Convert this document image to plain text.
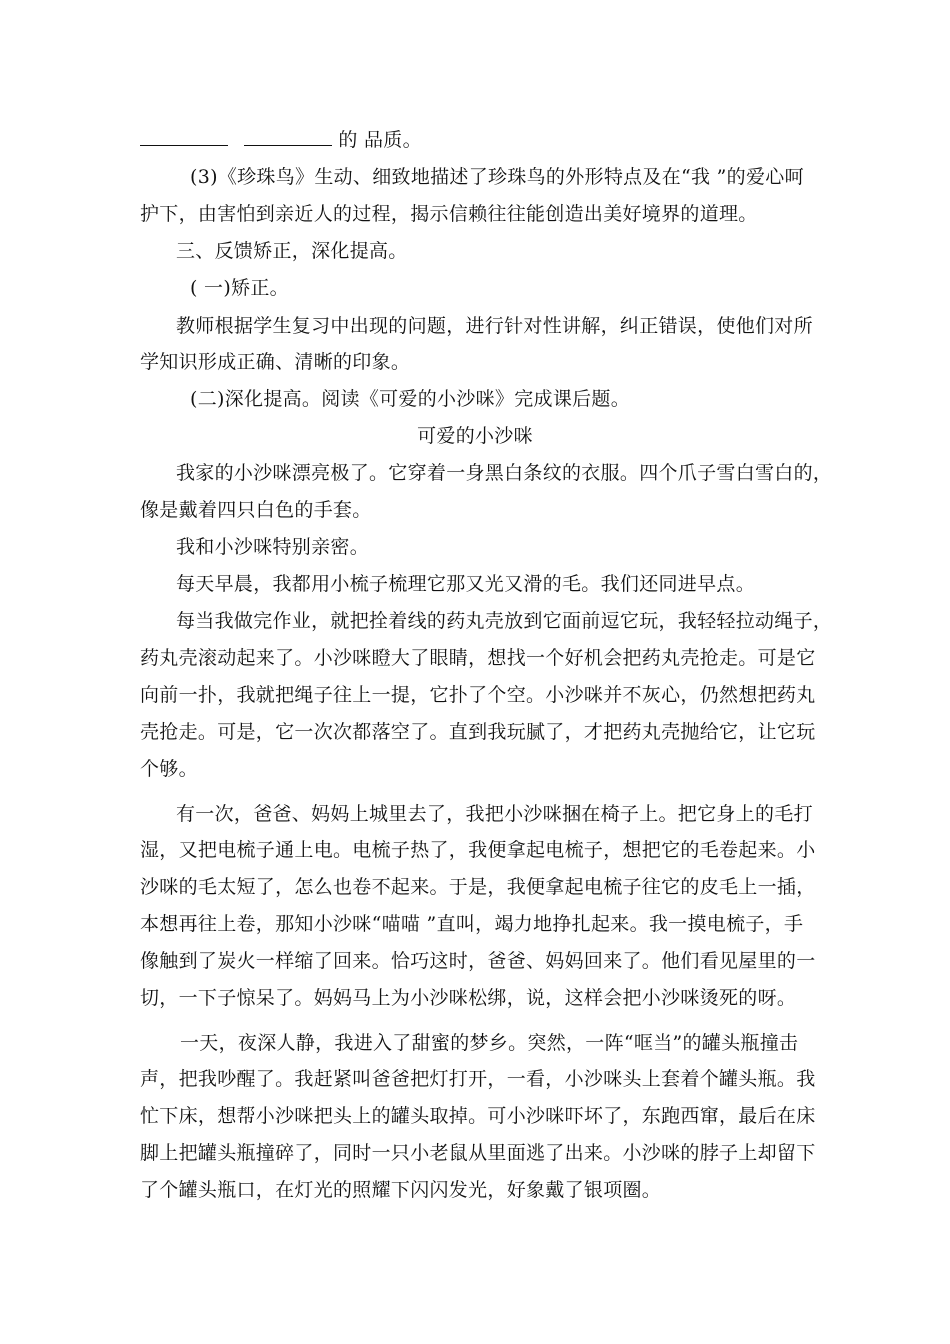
的 品质。
(3)《珍珠鸟》生动、细致地描述了珍珠鸟的外形特点及在“我 ”的爱心呵
护下，由害怕到亲近人的过程，揭示信赖往往能创造出美好境界的道理。
三、反馈矫正，深化提高。
( 一)矫正。
教师根据学生复习中出现的问题，进行针对性讲解，纠正错误，使他们对所
学知识形成正确、清晰的印象。
(二)深化提高。阅读《可爱的小沙咪》完成课后题。
可爱的小沙咪
我家的小沙咪漂亮极了。它穿着一身黑白条纹的衣服。四个爪子雪白雪白的，
像是戴着四只白色的手套。
我和小沙咪特别亲密。
每天早晨，我都用小梳子梳理它那又光又滑的毛。我们还同进早点。
每当我做完作业，就把拴着线的药丸壳放到它面前逗它玩，我轻轻拉动绳子，
药丸壳滚动起来了。小沙咪瞪大了眼睛，想找一个好机会把药丸壳抢走。可是它
向前一扑，我就把绳子往上一提，它扑了个空。小沙咪并不灰心，仍然想把药丸
壳抢走。可是，它一次次都落空了。直到我玩腻了，才把药丸壳抛给它，让它玩
个够。
有一次，爸爸、妈妈上城里去了，我把小沙咪捆在椅子上。把它身上的毛打
湿，又把电梳子通上电。电梳子热了，我便拿起电梳子，想把它的毛卷起来。小
沙咪的毛太短了，怎么也卷不起来。于是，我便拿起电梳子往它的皮毛上一插，
本想再往上卷，那知小沙咪“喵喵 ”直叫，竭力地挣扎起来。我一摸电梳子，手
像触到了炭火一样缩了回来。恰巧这时，爸爸、妈妈回来了。他们看见屋里的一
切，一下子惊呆了。妈妈马上为小沙咪松绑，说，这样会把小沙咪烫死的呀。
一天，夜深人静，我进入了甜蜜的梦乡。突然，一阵“哐当”的罐头瓶撞击
声，把我吵醒了。我赶紧叫爸爸把灯打开，一看，小沙咪头上套着个罐头瓶。我
忙下床，想帮小沙咪把头上的罐头取掉。可小沙咪吓坏了，东跑西窜，最后在床
脚上把罐头瓶撞碎了，同时一只小老鼠从里面逃了出来。小沙咪的脖子上却留下
了个罐头瓶口，在灯光的照耀下闪闪发光，好象戴了银项圈。
